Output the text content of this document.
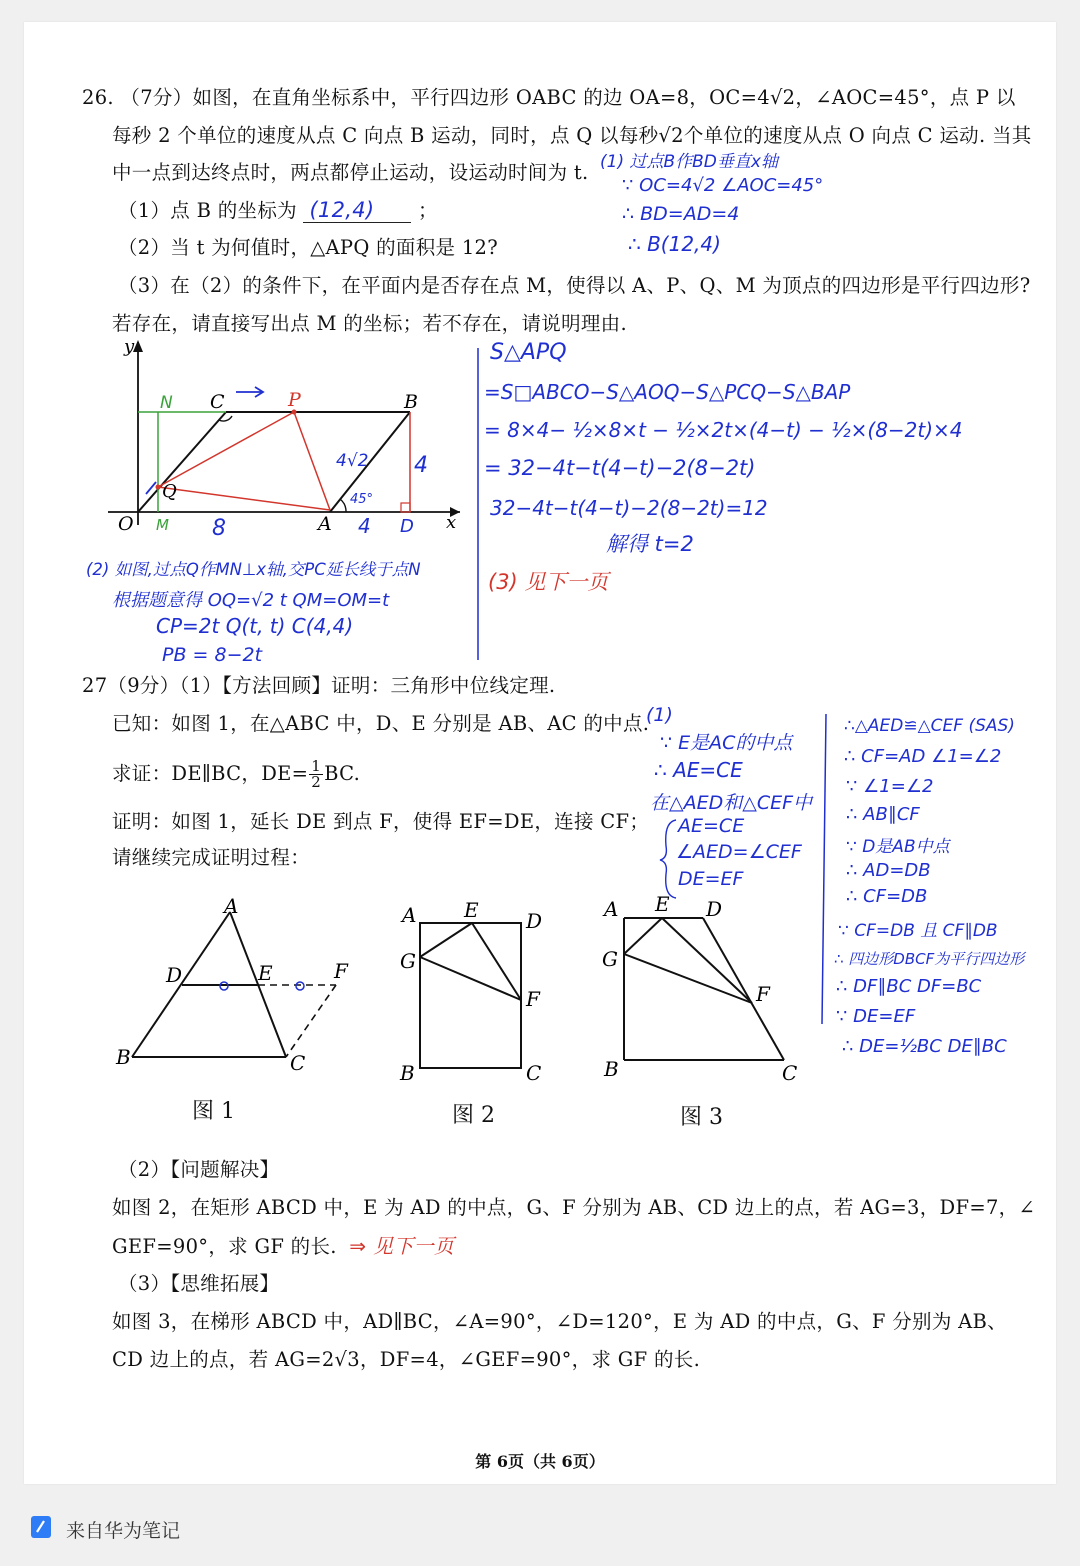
26. （7分）如图，在直角坐标系中，平行四边形 OABC 的边 OA=8，OC=4√2，∠AOC=45°，点 P 以
每秒 2 个单位的速度从点 C 向点 B 运动，同时，点 Q 以每秒√2个单位的速度从点 O 向点 C 运动. 当其
中一点到达终点时，两点都停止运动，设运动时间为 t.
（1）点 B 的坐标为 (12,4) ；
（2）当 t 为何值时，△APQ 的面积是 12?
（3）在（2）的条件下，在平面内是否存在点 M，使得以 A、P、Q、M 为顶点的四边形是平行四边形?
若存在，请直接写出点 M 的坐标；若不存在，请说明理由.
(1) 过点B作BD垂直x轴
∵ OC=4√2 ∠AOC=45°
∴ BD=AD=4
∴ B(12,4)
y
x
O	A
B
C	P
Q
D
N
M 8	4
4
4√2
45°
A
B	C
D	E	F
A E D
G
F
B	C
A E D
G
F
B	C
S△APQ
=S□ABCO−S△AOQ−S△PCQ−S△BAP
= 8×4− ½×8×t − ½×2t×(4−t) − ½×(8−2t)×4
= 32−4t−t(4−t)−2(8−2t)
32−4t−t(4−t)−2(8−2t)=12
解得 t=2
(3) 见下一页
(2) 如图,过点Q作MN⊥x轴,交PC延长线于点N
根据题意得 OQ=√2 t QM=OM=t
CP=2t Q(t, t) C(4,4)
PB = 8−2t
27（9分）（1）【方法回顾】证明：三角形中位线定理.
已知：如图 1，在△ABC 中，D、E 分别是 AB、AC 的中点.
求证：DE∥BC，$DE= \frac{1}{2}$ BC.
证明：如图 1，延长 DE 到点 F，使得 EF=DE，连接 CF；
请继续完成证明过程：
(1)
∵ E是AC的中点
∴ AE=CE
在△AED和△CEF中
AE=CE
∠AED=∠CEF
DE=EF
∴△AED≌△CEF (SAS)
∴ CF=AD ∠1=∠2
∵ ∠1=∠2
∴ AB∥CF
∵ D是AB中点
∴ AD=DB
∴ CF=DB
∵ CF=DB 且 CF∥DB
∴ 四边形DBCF为平行四边形
∴ DF∥BC DF=BC
∵ DE=EF
∴ DE=½BC DE∥BC
图 1	图 2	图 3
（2）【问题解决】
如图 2，在矩形 ABCD 中，E 为 AD 的中点，G、F 分别为 AB、CD 边上的点，若 AG=3，DF=7，∠
GEF=90°，求 GF 的长. ⇒ 见下一页
（3）【思维拓展】
如图 3，在梯形 ABCD 中，AD∥BC，∠A=90°，∠D=120°，E 为 AD 的中点，G、F 分别为 AB、
CD 边上的点，若 AG=2√3，DF=4，∠GEF=90°，求 GF 的长.
第 6页（共 6页）
来自华为笔记
